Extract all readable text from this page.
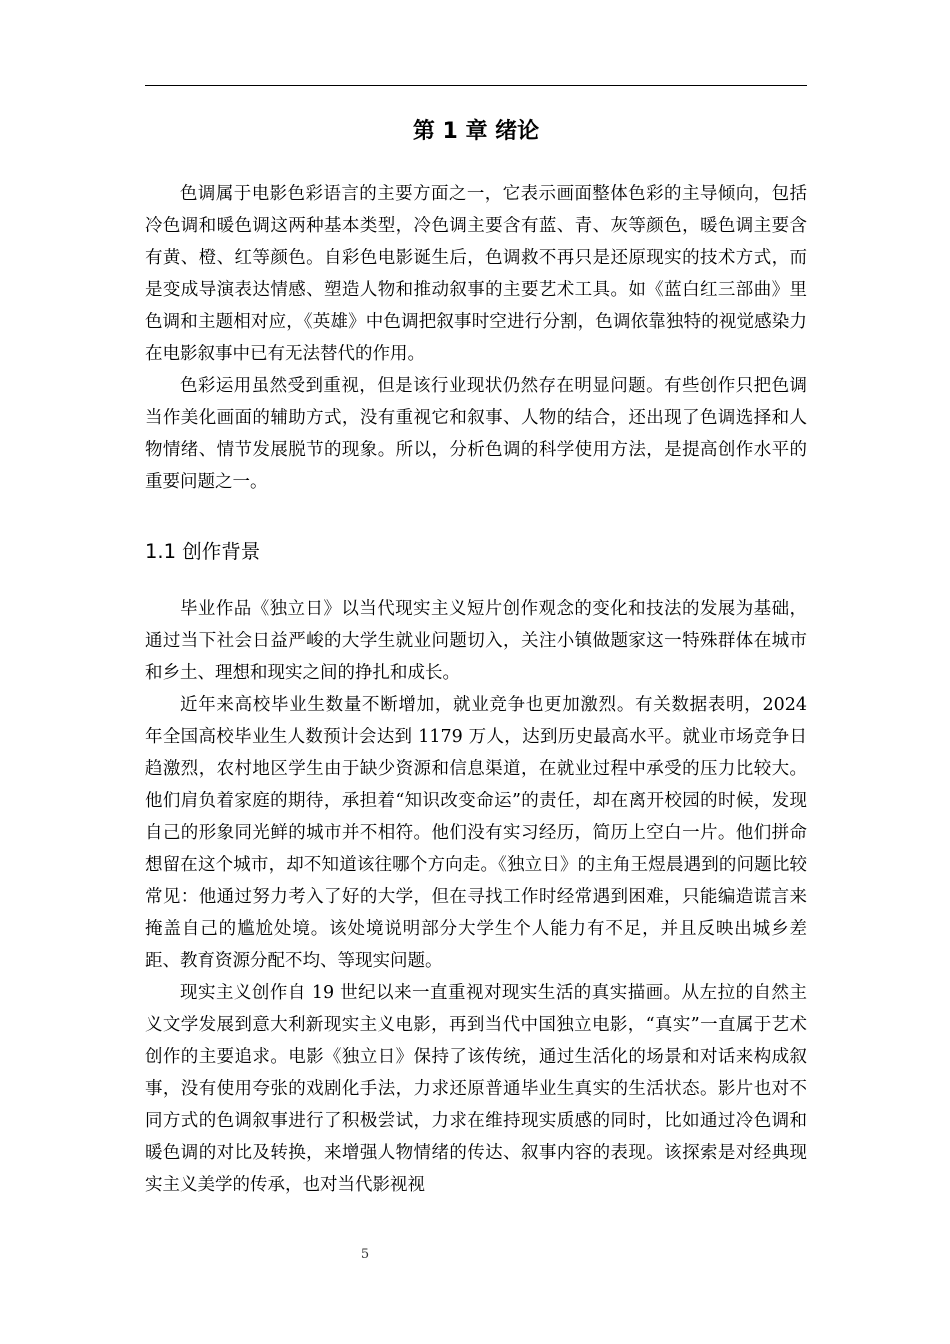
第 1 章 绪论

色调属于电影色彩语言的主要方面之一，它表示画面整体色彩的主导倾向，包括冷色调和暖色调这两种基本类型，冷色调主要含有蓝、青、灰等颜色，暖色调主要含有黄、橙、红等颜色。自彩色电影诞生后，色调救不再只是还原现实的技术方式，而是变成导演表达情感、塑造人物和推动叙事的主要艺术工具。如《蓝白红三部曲》里色调和主题相对应，《英雄》中色调把叙事时空进行分割，色调依靠独特的视觉感染力在电影叙事中已有无法替代的作用。

色彩运用虽然受到重视，但是该行业现状仍然存在明显问题。有些创作只把色调当作美化画面的辅助方式，没有重视它和叙事、人物的结合，还出现了色调选择和人物情绪、情节发展脱节的现象。所以，分析色调的科学使用方法，是提高创作水平的重要问题之一。

1.1 创作背景

毕业作品《独立日》以当代现实主义短片创作观念的变化和技法的发展为基础，通过当下社会日益严峻的大学生就业问题切入，关注小镇做题家这一特殊群体在城市和乡土、理想和现实之间的挣扎和成长。

近年来高校毕业生数量不断增加，就业竞争也更加激烈。有关数据表明，2024 年全国高校毕业生人数预计会达到 1179 万人，达到历史最高水平。就业市场竞争日趋激烈，农村地区学生由于缺少资源和信息渠道，在就业过程中承受的压力比较大。他们肩负着家庭的期待，承担着“知识改变命运”的责任，却在离开校园的时候，发现自己的形象同光鲜的城市并不相符。他们没有实习经历，简历上空白一片。他们拼命想留在这个城市，却不知道该往哪个方向走。《独立日》的主角王煜晨遇到的问题比较常见：他通过努力考入了好的大学，但在寻找工作时经常遇到困难，只能编造谎言来掩盖自己的尴尬处境。该处境说明部分大学生个人能力有不足，并且反映出城乡差距、教育资源分配不均、等现实问题。

现实主义创作自 19 世纪以来一直重视对现实生活的真实描画。从左拉的自然主义文学发展到意大利新现实主义电影，再到当代中国独立电影，“真实”一直属于艺术创作的主要追求。电影《独立日》保持了该传统，通过生活化的场景和对话来构成叙事，没有使用夸张的戏剧化手法，力求还原普通毕业生真实的生活状态。影片也对不同方式的色调叙事进行了积极尝试，力求在维持现实质感的同时，比如通过冷色调和暖色调的对比及转换，来增强人物情绪的传达、叙事内容的表现。该探索是对经典现实主义美学的传承，也对当代影视视

5
